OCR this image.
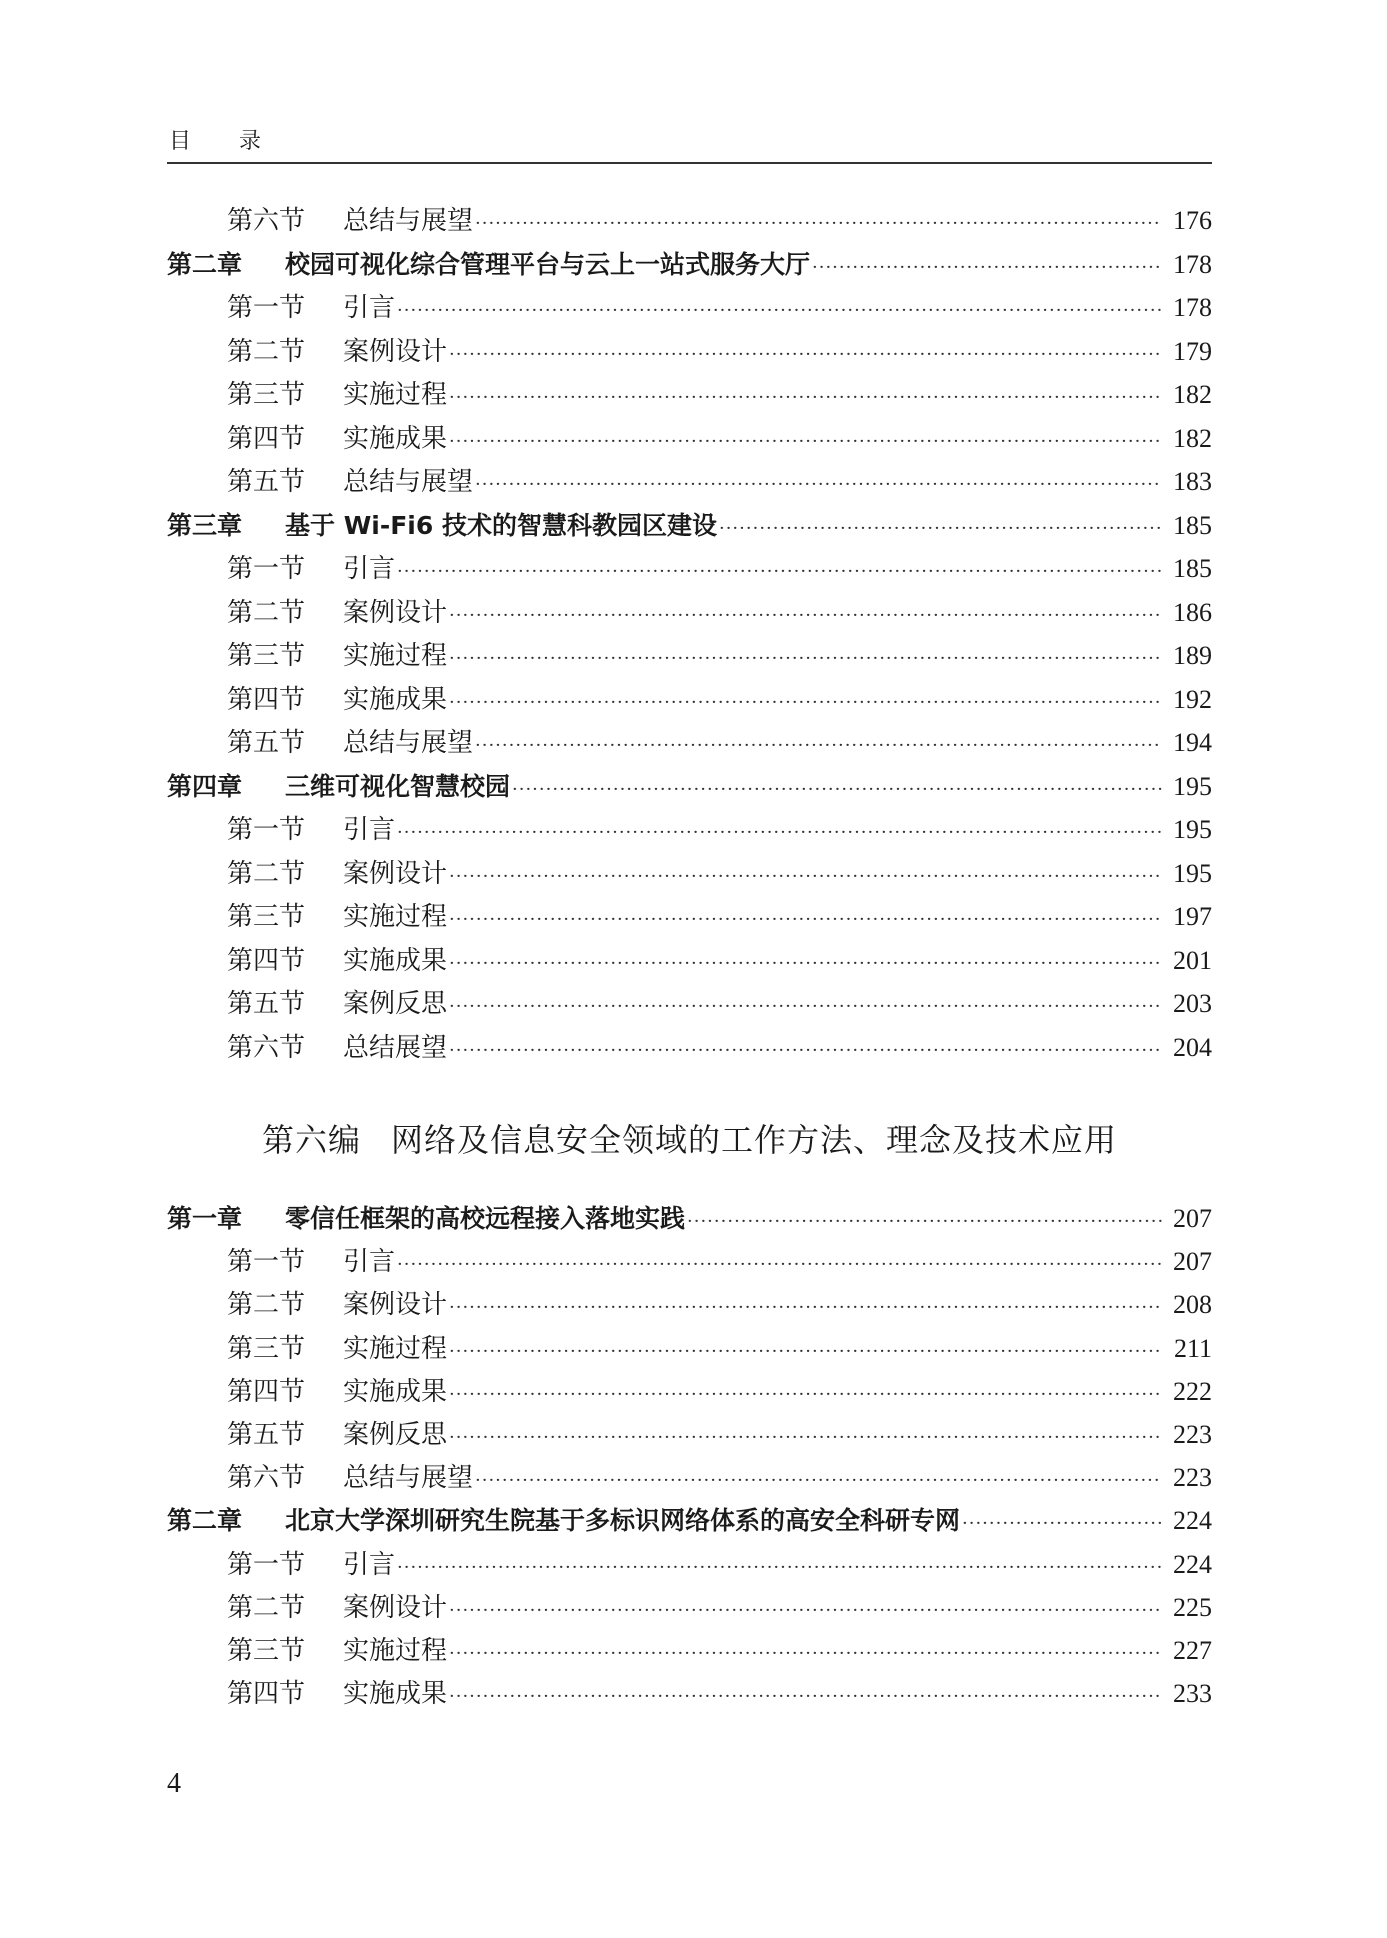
目 录
第六节	总结与展望 ·····	176
第二章	校园可视化综合管理平台与云上一站式服务大厅 ·····	178
第一节	引言 ·····	178
第二节	案例设计 ·····	179
第三节	实施过程 ·····	182
第四节	实施成果 ·····	182
第五节	总结与展望 ·····	183
第三章	基于 Wi-Fi6 技术的智慧科教园区建设 ·····	185
第一节	引言 ·····	185
第二节	案例设计 ·····	186
第三节	实施过程 ·····	189
第四节	实施成果 ·····	192
第五节	总结与展望 ·····	194
第四章	三维可视化智慧校园 ·····	195
第一节	引言 ·····	195
第二节	案例设计 ·····	195
第三节	实施过程 ·····	197
第四节	实施成果 ·····	201
第五节	案例反思 ·····	203
第六节	总结展望 ·····	204
第六编 网络及信息安全领域的工作方法、理念及技术应用
第一章	零信任框架的高校远程接入落地实践 ·····	207
第一节	引言 ·····	207
第二节	案例设计 ·····	208
第三节	实施过程 ·····	211
第四节	实施成果 ·····	222
第五节	案例反思 ·····	223
第六节	总结与展望 ·····	223
第二章	北京大学深圳研究生院基于多标识网络体系的高安全科研专网 ·····	224
第一节	引言 ·····	224
第二节	案例设计 ·····	225
第三节	实施过程 ·····	227
第四节	实施成果 ·····	233
4
